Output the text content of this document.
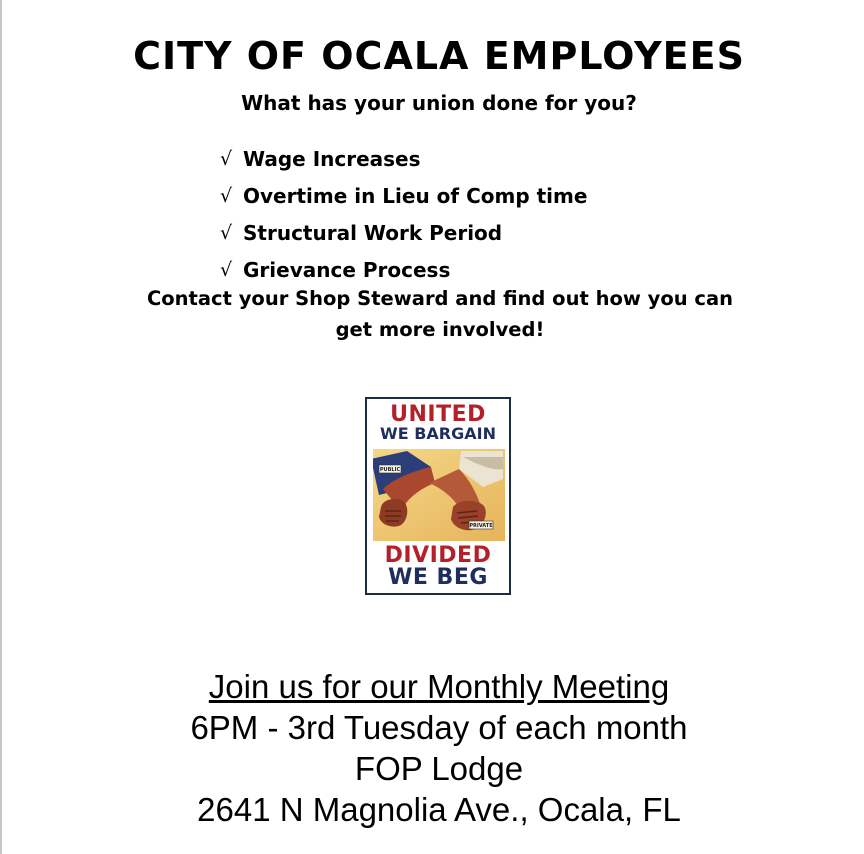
CITY OF OCALA EMPLOYEES
What has your union done for you?
√ Wage Increases
√ Overtime in Lieu of Comp time
√ Structural Work Period
√ Grievance Process
Contact your Shop Steward and find out how you can
get more involved!
UNITED
WE BARGAIN
PUBLIC
PRIVATE
DIVIDED
WE BEG
Join us for our Monthly Meeting
6PM - 3rd Tuesday of each month
FOP Lodge
2641 N Magnolia Ave., Ocala, FL
